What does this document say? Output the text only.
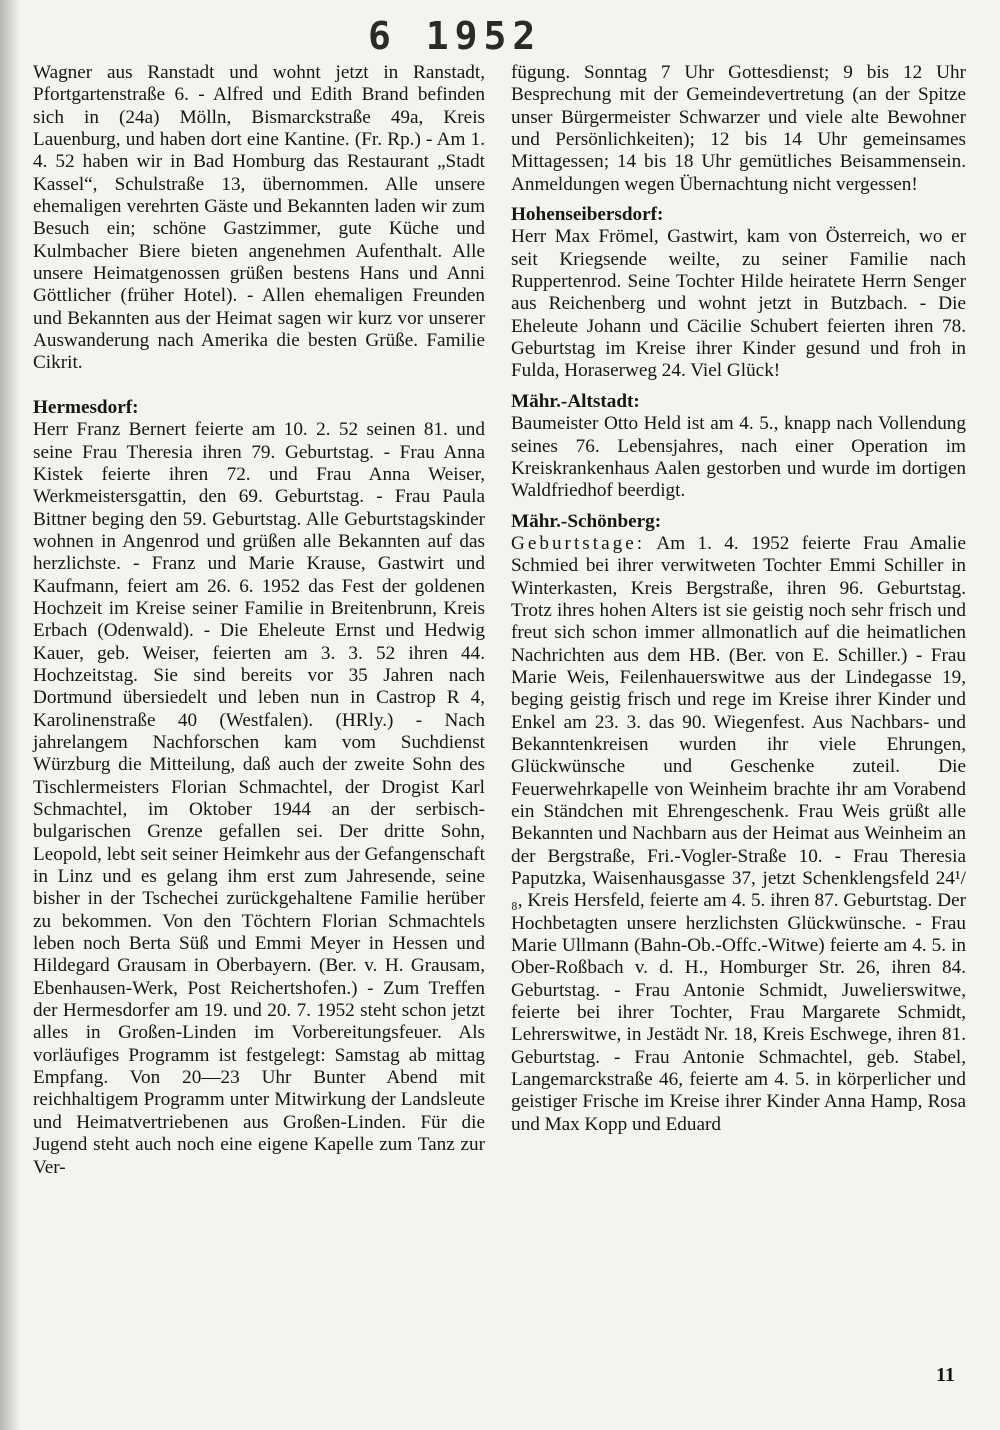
6 1952

Wagner aus Ranstadt und wohnt jetzt in Ranstadt, Pfortgartenstraße 6. - Alfred und Edith Brand befinden sich in (24a) Mölln, Bismarckstraße 49a, Kreis Lauenburg, und haben dort eine Kantine. (Fr. Rp.) - Am 1. 4. 52 haben wir in Bad Homburg das Restaurant „Stadt Kassel“, Schulstraße 13, übernommen. Alle unsere ehemaligen verehrten Gäste und Bekannten laden wir zum Besuch ein; schöne Gastzimmer, gute Küche und Kulmbacher Biere bieten angenehmen Aufenthalt. Alle unsere Heimatgenossen grüßen bestens Hans und Anni Göttlicher (früher Hotel). - Allen ehemaligen Freunden und Bekannten aus der Heimat sagen wir kurz vor unserer Auswanderung nach Amerika die besten Grüße. Familie Cikrit.

Hermesdorf:

Herr Franz Bernert feierte am 10. 2. 52 seinen 81. und seine Frau Theresia ihren 79. Geburtstag. - Frau Anna Kistek feierte ihren 72. und Frau Anna Weiser, Werkmeistersgattin, den 69. Geburtstag. - Frau Paula Bittner beging den 59. Geburtstag. Alle Geburtstagskinder wohnen in Angenrod und grüßen alle Bekannten auf das herzlichste. - Franz und Marie Krause, Gastwirt und Kaufmann, feiert am 26. 6. 1952 das Fest der goldenen Hochzeit im Kreise seiner Familie in Breitenbrunn, Kreis Erbach (Odenwald). - Die Eheleute Ernst und Hedwig Kauer, geb. Weiser, feierten am 3. 3. 52 ihren 44. Hochzeitstag. Sie sind bereits vor 35 Jahren nach Dortmund übersiedelt und leben nun in Castrop R 4, Karolinenstraße 40 (Westfalen). (HRly.) - Nach jahrelangem Nachforschen kam vom Suchdienst Würzburg die Mitteilung, daß auch der zweite Sohn des Tischlermeisters Florian Schmachtel, der Drogist Karl Schmachtel, im Oktober 1944 an der serbisch-bulgarischen Grenze gefallen sei. Der dritte Sohn, Leopold, lebt seit seiner Heimkehr aus der Gefangenschaft in Linz und es gelang ihm erst zum Jahresende, seine bisher in der Tschechei zurückgehaltene Familie herüber zu bekommen. Von den Töchtern Florian Schmachtels leben noch Berta Süß und Emmi Meyer in Hessen und Hildegard Grausam in Oberbayern. (Ber. v. H. Grausam, Ebenhausen-Werk, Post Reichertshofen.) - Zum Treffen der Hermesdorfer am 19. und 20. 7. 1952 steht schon jetzt alles in Großen-Linden im Vorbereitungsfeuer. Als vorläufiges Programm ist festgelegt: Samstag ab mittag Empfang. Von 20—23 Uhr Bunter Abend mit reichhaltigem Programm unter Mitwirkung der Landsleute und Heimatvertriebenen aus Großen-Linden. Für die Jugend steht auch noch eine eigene Kapelle zum Tanz zur Ver-

fügung. Sonntag 7 Uhr Gottesdienst; 9 bis 12 Uhr Besprechung mit der Gemeindevertretung (an der Spitze unser Bürgermeister Schwarzer und viele alte Bewohner und Persönlichkeiten); 12 bis 14 Uhr gemeinsames Mittagessen; 14 bis 18 Uhr gemütliches Beisammensein. Anmeldungen wegen Übernachtung nicht vergessen!

Hohenseibersdorf:

Herr Max Frömel, Gastwirt, kam von Österreich, wo er seit Kriegsende weilte, zu seiner Familie nach Ruppertenrod. Seine Tochter Hilde heiratete Herrn Senger aus Reichenberg und wohnt jetzt in Butzbach. - Die Eheleute Johann und Cäcilie Schubert feierten ihren 78. Geburtstag im Kreise ihrer Kinder gesund und froh in Fulda, Horaserweg 24. Viel Glück!

Mähr.-Altstadt:

Baumeister Otto Held ist am 4. 5., knapp nach Vollendung seines 76. Lebensjahres, nach einer Operation im Kreiskrankenhaus Aalen gestorben und wurde im dortigen Waldfriedhof beerdigt.

Mähr.-Schönberg:

Geburtstage: Am 1. 4. 1952 feierte Frau Amalie Schmied bei ihrer verwitweten Tochter Emmi Schiller in Winterkasten, Kreis Bergstraße, ihren 96. Geburtstag. Trotz ihres hohen Alters ist sie geistig noch sehr frisch und freut sich schon immer allmonatlich auf die heimatlichen Nachrichten aus dem HB. (Ber. von E. Schiller.) - Frau Marie Weis, Feilenhauerswitwe aus der Lindegasse 19, beging geistig frisch und rege im Kreise ihrer Kinder und Enkel am 23. 3. das 90. Wiegenfest. Aus Nachbars- und Bekanntenkreisen wurden ihr viele Ehrungen, Glückwünsche und Geschenke zuteil. Die Feuerwehrkapelle von Weinheim brachte ihr am Vorabend ein Ständchen mit Ehrengeschenk. Frau Weis grüßt alle Bekannten und Nachbarn aus der Heimat aus Weinheim an der Bergstraße, Fri.-Vogler-Straße 10. - Frau Theresia Paputzka, Waisenhausgasse 37, jetzt Schenklengsfeld 24¹/₈, Kreis Hersfeld, feierte am 4. 5. ihren 87. Geburtstag. Der Hochbetagten unsere herzlichsten Glückwünsche. - Frau Marie Ullmann (Bahn-Ob.-Offc.-Witwe) feierte am 4. 5. in Ober-Roßbach v. d. H., Homburger Str. 26, ihren 84. Geburtstag. - Frau Antonie Schmidt, Juwelierswitwe, feierte bei ihrer Tochter, Frau Margarete Schmidt, Lehrerswitwe, in Jestädt Nr. 18, Kreis Eschwege, ihren 81. Geburtstag. - Frau Antonie Schmachtel, geb. Stabel, Langemarckstraße 46, feierte am 4. 5. in körperlicher und geistiger Frische im Kreise ihrer Kinder Anna Hamp, Rosa und Max Kopp und Eduard

11
